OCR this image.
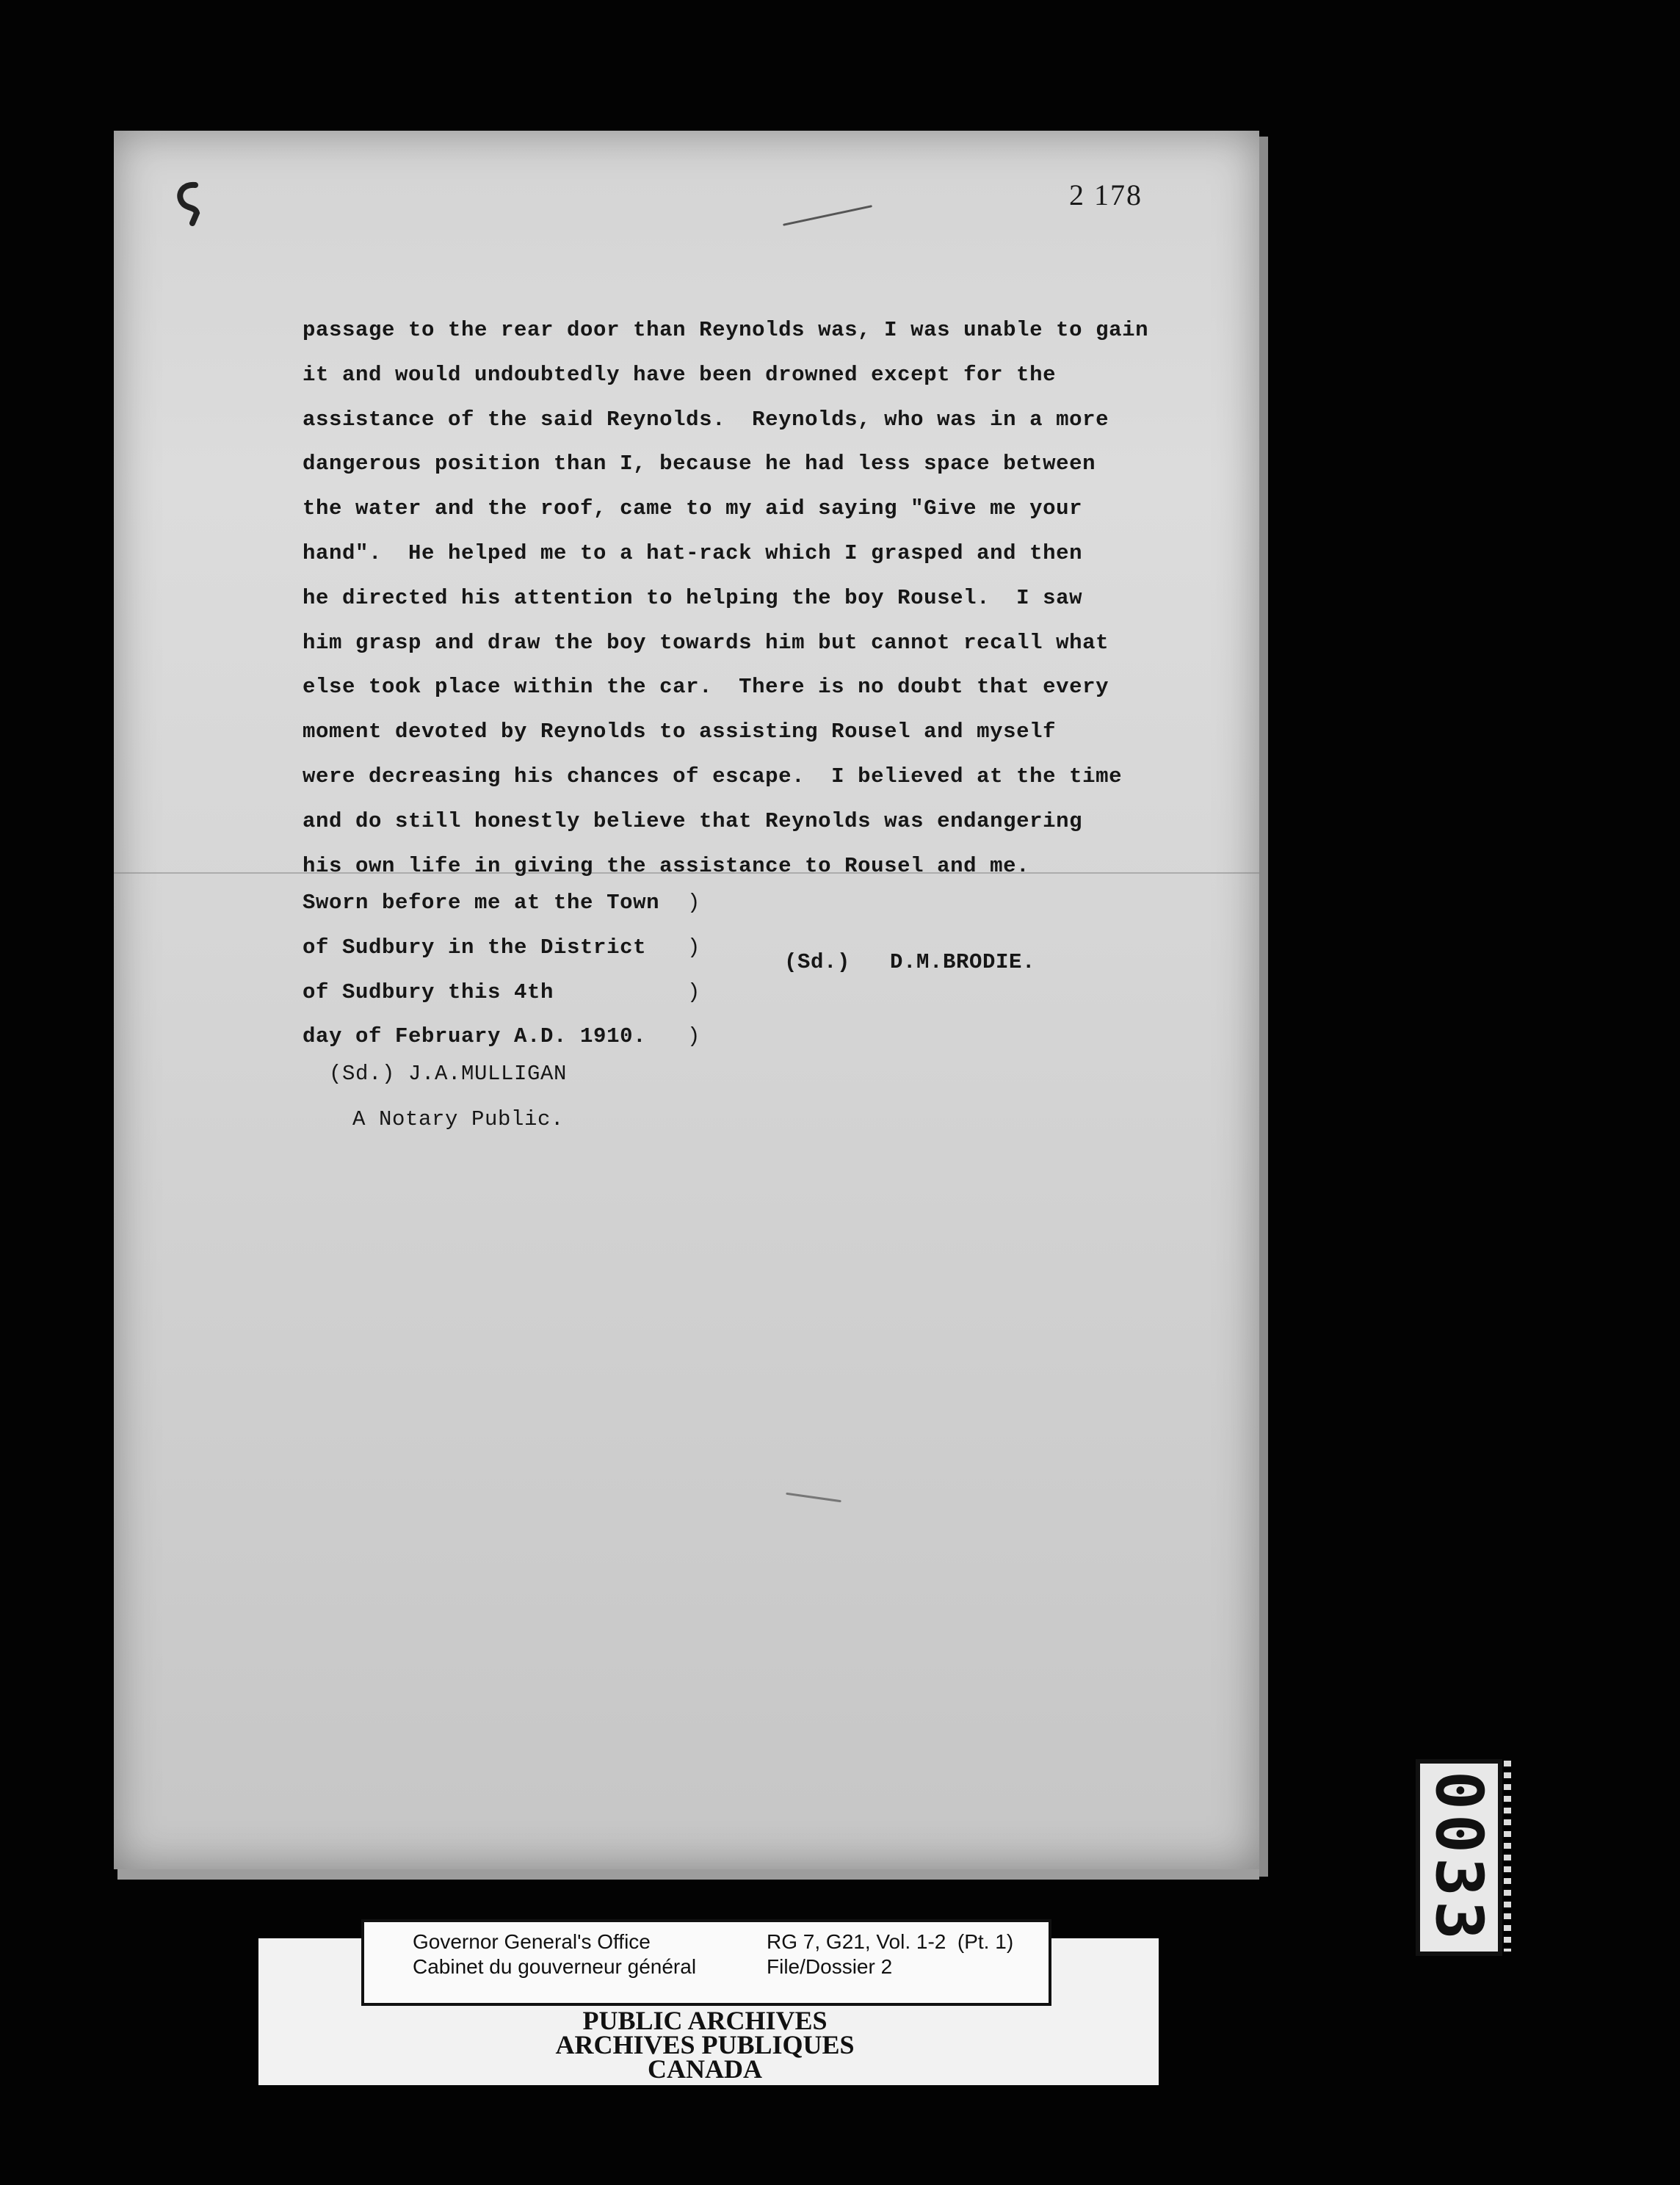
2 178
passage to the rear door than Reynolds was, I was unable to gain
it and would undoubtedly have been drowned except for the
assistance of the said Reynolds.  Reynolds, who was in a more
dangerous position than I, because he had less space between
the water and the roof, came to my aid saying "Give me your
hand".  He helped me to a hat-rack which I grasped and then
he directed his attention to helping the boy Rousel.  I saw
him grasp and draw the boy towards him but cannot recall what
else took place within the car.  There is no doubt that every
moment devoted by Reynolds to assisting Rousel and myself
were decreasing his chances of escape.  I believed at the time
and do still honestly believe that Reynolds was endangering
his own life in giving the assistance to Rousel and me.
Sworn before me at the Town
of Sudbury in the District
of Sudbury this 4th
day of February A.D. 1910.
)
)
)
)
(Sd.)   D.M.BRODIE.
(Sd.) J.A.MULLIGAN
A Notary Public.
Governor General's Office
Cabinet du gouverneur général
RG 7, G21, Vol. 1-2  (Pt. 1)
File/Dossier 2
PUBLIC ARCHIVES
ARCHIVES PUBLIQUES
CANADA
0033
